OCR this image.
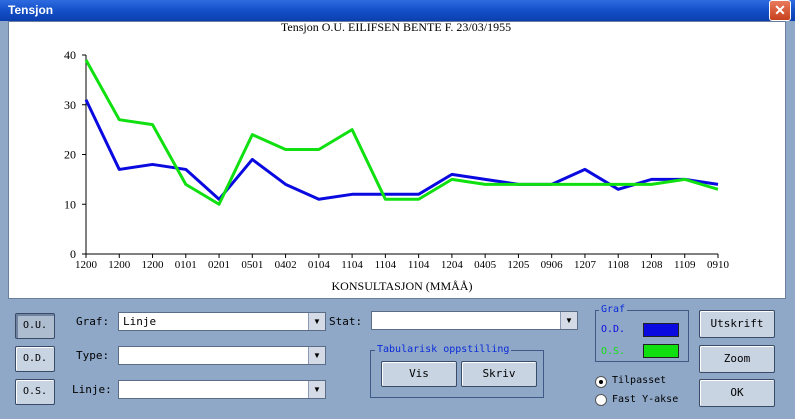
Tensjon	✕
Tensjon O.U. EILIFSEN BENTE F. 23/03/1955
0
10
20
30
40
1200 1200 1200 0101 0201 0501 0402 0104 1104 1104 1104 1204 0405 1205 0906 1207 1108 1208 1109 0910
KONSULTASJON (MMÅÅ)
O.U.
O.D.
O.S.
Graf: Linje	▼
Type:	▼
Linje:	▼
Stat:	▼
Tabularisk oppstilling
Vis	Skriv
Graf
O.D.
O.S.
Tilpasset
Fast Y-akse
Utskrift
Zoom
OK
